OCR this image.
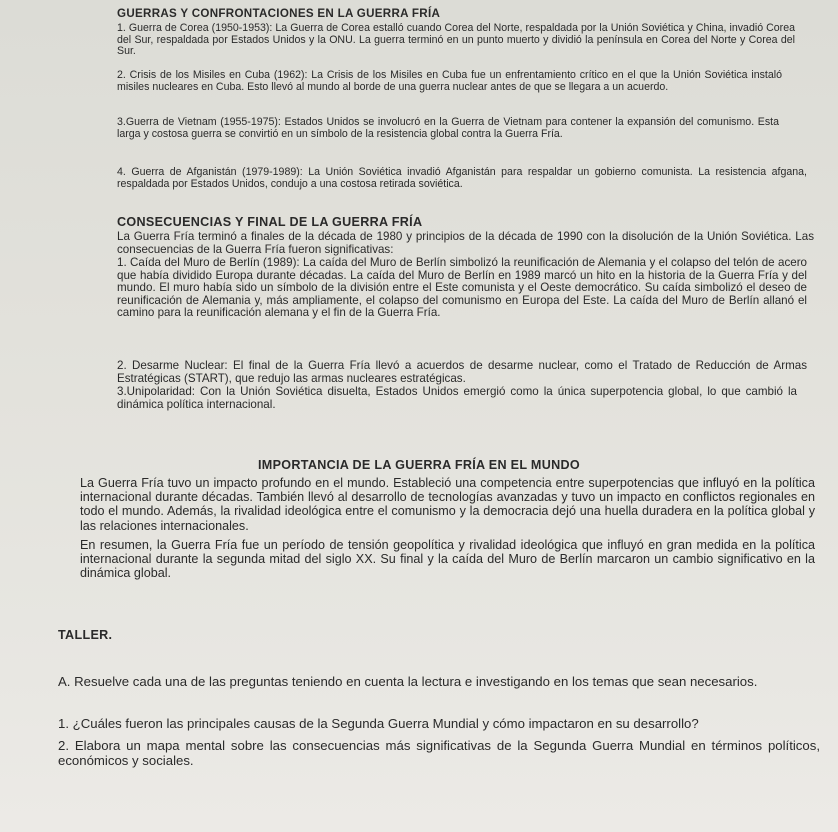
GUERRAS Y CONFRONTACIONES EN LA GUERRA FRÍA

1. Guerra de Corea (1950-1953): La Guerra de Corea estalló cuando Corea del Norte, respaldada por la Unión Soviética y China, invadió Corea del Sur, respaldada por Estados Unidos y la ONU. La guerra terminó en un punto muerto y dividió la península en Corea del Norte y Corea del Sur.

2. Crisis de los Misiles en Cuba (1962): La Crisis de los Misiles en Cuba fue un enfrentamiento crítico en el que la Unión Soviética instaló misiles nucleares en Cuba. Esto llevó al mundo al borde de una guerra nuclear antes de que se llegara a un acuerdo.

3.Guerra de Vietnam (1955-1975): Estados Unidos se involucró en la Guerra de Vietnam para contener la expansión del comunismo. Esta larga y costosa guerra se convirtió en un símbolo de la resistencia global contra la Guerra Fría.

4. Guerra de Afganistán (1979-1989): La Unión Soviética invadió Afganistán para respaldar un gobierno comunista. La resistencia afgana, respaldada por Estados Unidos, condujo a una costosa retirada soviética.

CONSECUENCIAS Y FINAL DE LA GUERRA FRÍA

La Guerra Fría terminó a finales de la década de 1980 y principios de la década de 1990 con la disolución de la Unión Soviética. Las consecuencias de la Guerra Fría fueron significativas:

1. Caída del Muro de Berlín (1989): La caída del Muro de Berlín simbolizó la reunificación de Alemania y el colapso del telón de acero que había dividido Europa durante décadas. La caída del Muro de Berlín en 1989 marcó un hito en la historia de la Guerra Fría y del mundo. El muro había sido un símbolo de la división entre el Este comunista y el Oeste democrático. Su caída simbolizó el deseo de reunificación de Alemania y, más ampliamente, el colapso del comunismo en Europa del Este. La caída del Muro de Berlín allanó el camino para la reunificación alemana y el fin de la Guerra Fría.

2. Desarme Nuclear: El final de la Guerra Fría llevó a acuerdos de desarme nuclear, como el Tratado de Reducción de Armas Estratégicas (START), que redujo las armas nucleares estratégicas.

3.Unipolaridad: Con la Unión Soviética disuelta, Estados Unidos emergió como la única superpotencia global, lo que cambió la dinámica política internacional.

IMPORTANCIA DE LA GUERRA FRÍA EN EL MUNDO

La Guerra Fría tuvo un impacto profundo en el mundo. Estableció una competencia entre superpotencias que influyó en la política internacional durante décadas. También llevó al desarrollo de tecnologías avanzadas y tuvo un impacto en conflictos regionales en todo el mundo. Además, la rivalidad ideológica entre el comunismo y la democracia dejó una huella duradera en la política global y las relaciones internacionales.

En resumen, la Guerra Fría fue un período de tensión geopolítica y rivalidad ideológica que influyó en gran medida en la política internacional durante la segunda mitad del siglo XX. Su final y la caída del Muro de Berlín marcaron un cambio significativo en la dinámica global.

TALLER.

A. Resuelve cada una de las preguntas teniendo en cuenta la lectura e investigando en los temas que sean necesarios.

1. ¿Cuáles fueron las principales causas de la Segunda Guerra Mundial y cómo impactaron en su desarrollo?

2. Elabora un mapa mental sobre las consecuencias más significativas de la Segunda Guerra Mundial en términos políticos, económicos y sociales.
